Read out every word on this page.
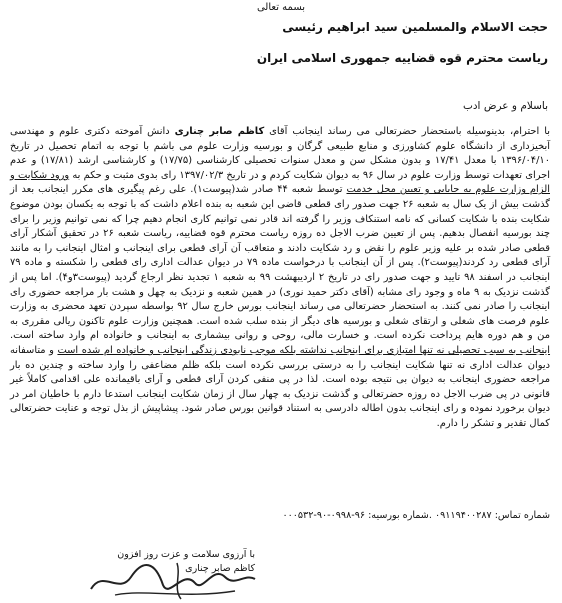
بسمه تعالی
حجت الاسلام والمسلمین سید ابراهیم رئیسی
ریاست محترم قوه قضاییه جمهوری اسلامی ایران
باسلام و عرض ادب

با احترام، بدینوسیله باستحضار حضرتعالی می رساند اینجانب آقای کاظم صابر چناری دانش آموخته دکتری علوم و مهندسی آبخیزداری از دانشگاه علوم کشاورزی و منابع طبیعی گرگان و بورسیه وزارت علوم می باشم با توجه به اتمام تحصیل در تاریخ ۱۳۹۶/۰۴/۱۰ با معدل ۱۷/۴۱ و بدون مشکل سن و معدل سنوات تحصیلی کارشناسی (۱۷/۷۵) و کارشناسی ارشد (۱۷/۸۱) و عدم اجرای تعهدات توسط وزارت علوم در سال ۹۶ به دیوان شکایت کردم و در تاریخ ۱۳۹۷/۰۲/۳ رای بدوی مثبت و حکم به ورود شکایت و الزام وزارت علوم به جایابی و تعیین محل خدمت توسط شعبه ۴۴ صادر شد(پیوست۱). علی رغم پیگیری های مکرر اینجانب بعد از گذشت بیش از یک سال به شعبه ۲۶ جهت صدور رای قطعی قاضی این شعبه به بنده اعلام داشت که با توجه به یکسان بودن موضوع شکایت بنده با شکایت کسانی که نامه استنکاف وزیر را گرفته اند قادر نمی توانیم کاری انجام دهیم چرا که نمی توانیم وزیر را برای چند بورسیه انفصال بدهیم. پس از تعیین ضرب الاجل ده روزه ریاست محترم قوه قضاییه، ریاست شعبه ۲۶ در تحقیق آشکار آرای قطعی صادر شده بر علیه وزیر علوم را نقض و رد شکایت دادند و متعاقب آن آرای قطعی برای اینجانب و امثال اینجانب را به مانند آرای قطعی رد کردند(پیوست۲). پس از آن اینجانب با درخواست ماده ۷۹ در دیوان عدالت اداری رای قطعی را شکسته و ماده ۷۹ اینجانب در اسفند ۹۸ تایید و جهت صدور رای در تاریخ ۲ اردیبهشت ۹۹ به شعبه ۱ تجدید نظر ارجاع گردید (پیوست۳و۴). اما پس از گذشت نزدیک به ۹ ماه و وجود رای مشابه (آقای دکتر حمید نوری) در همین شعبه و نزدیک به چهل و هشت بار مراجعه حضوری رای اینجانب را صادر نمی کنند. به استحضار حضرتعالی می رساند اینجانب بورس خارج سال ۹۲ بواسطه سپردن تعهد محضری به وزارت علوم فرصت های شغلی و ارتقای شغلی و بورسیه های دیگر از بنده سلب شده است. همچنین وزارت علوم تاکنون ریالی مقرری به من و هم دوره هایم پرداخت نکرده است. و خسارت مالی، روحی و روانی بیشماری به اینجانب و خانواده ام وارد ساخته است. اینجانب به سبب تحصیلی نه تنها امتیازی برای اینجانب نداشته بلکه موجب نابودی زندگی اینجانب و خانواده ام شده است و متاسفانه دیوان عدالت اداری نه تنها شکایت اینجانب را به درستی بررسی نکرده است بلکه ظلم مضاعفی را وارد ساخته و چندین ده بار مراجعه حضوری اینجانب به دیوان بی نتیجه بوده است. لذا در پی منفی کردن آرای قطعی و آرای باقیمانده علی اقدامی کاملاً غیر قانونی در پی ضرب الاجل ده روزه حضرتعالی و گذشت نزدیک به چهار سال از زمان شکایت اینجانب استدعا دارم با خاطیان امر در دیوان برخورد نموده و رای اینجانب بدون اطاله دادرسی به استناد قوانین بورس صادر شود. پیشاپیش از بذل توجه و عنایت حضرتعالی کمال تقدیر و تشکر را دارم.

شماره تماس: ۰۹۱۱۹۴۰۰۲۸۷ .شماره بورسیه: ۹۶-۰۹۹۸-۹۰-۰۰۰۵۳۲
با آرزوی سلامت و عزت روز افزون
کاظم صابر چناری
